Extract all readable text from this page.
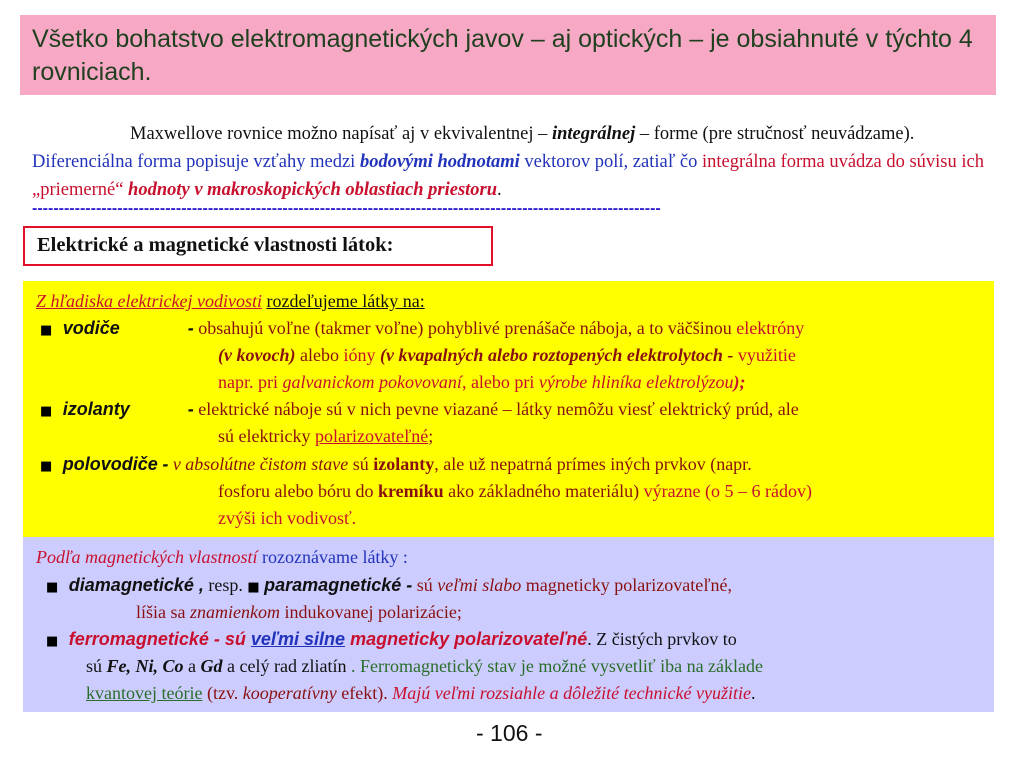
Všetko bohatstvo elektromagnetických javov – aj optických – je obsiahnuté v týchto 4 rovniciach.

Maxwellove rovnice možno napísať aj v ekvivalentnej – integrálnej – forme (pre stručnosť neuvádzame). Diferenciálna forma popisuje vzťahy medzi bodovými hodnotami vektorov polí, zatiaľ čo integrálna forma uvádza do súvisu ich „priemerné“ hodnoty v makroskopických oblastiach priestoru.

----------------------------------------------------------------------------------------------------------------------
Elektrické a magnetické vlastnosti látok:
Z hľadiska elektrickej vodivosti rozdeľujeme látky na:
■ vodiče	- obsahujú voľne (takmer voľne) pohyblivé prenášače náboja, a to väčšinou elektróny
(v kovoch) alebo ióny (v kvapalných alebo roztopených elektrolytoch - využitie
napr. pri galvanickom pokovovaní, alebo pri výrobe hliníka elektrolýzou);
■ izolanty	- elektrické náboje sú v nich pevne viazané – látky nemôžu viesť elektrický prúd, ale
sú elektricky polarizovateľné;
■ polovodiče - v absolútne čistom stave sú izolanty, ale už nepatrná prímes iných prvkov (napr.
fosforu alebo bóru do kremíku ako základného materiálu) výrazne (o 5 – 6 rádov)
zvýši ich vodivosť.
Podľa magnetických vlastností rozoznávame látky :
■ diamagnetické , resp. ■ paramagnetické - sú veľmi slabo magneticky polarizovateľné,
líšia sa znamienkom indukovanej polarizácie;
■ ferromagnetické - sú veľmi silne magneticky polarizovateľné. Z čistých prvkov to
sú Fe, Ni, Co a Gd a celý rad zliatín . Ferromagnetický stav je možné vysvetliť iba na základe
kvantovej teórie (tzv. kooperatívny efekt). Majú veľmi rozsiahle a dôležité technické využitie.
- 106 -
